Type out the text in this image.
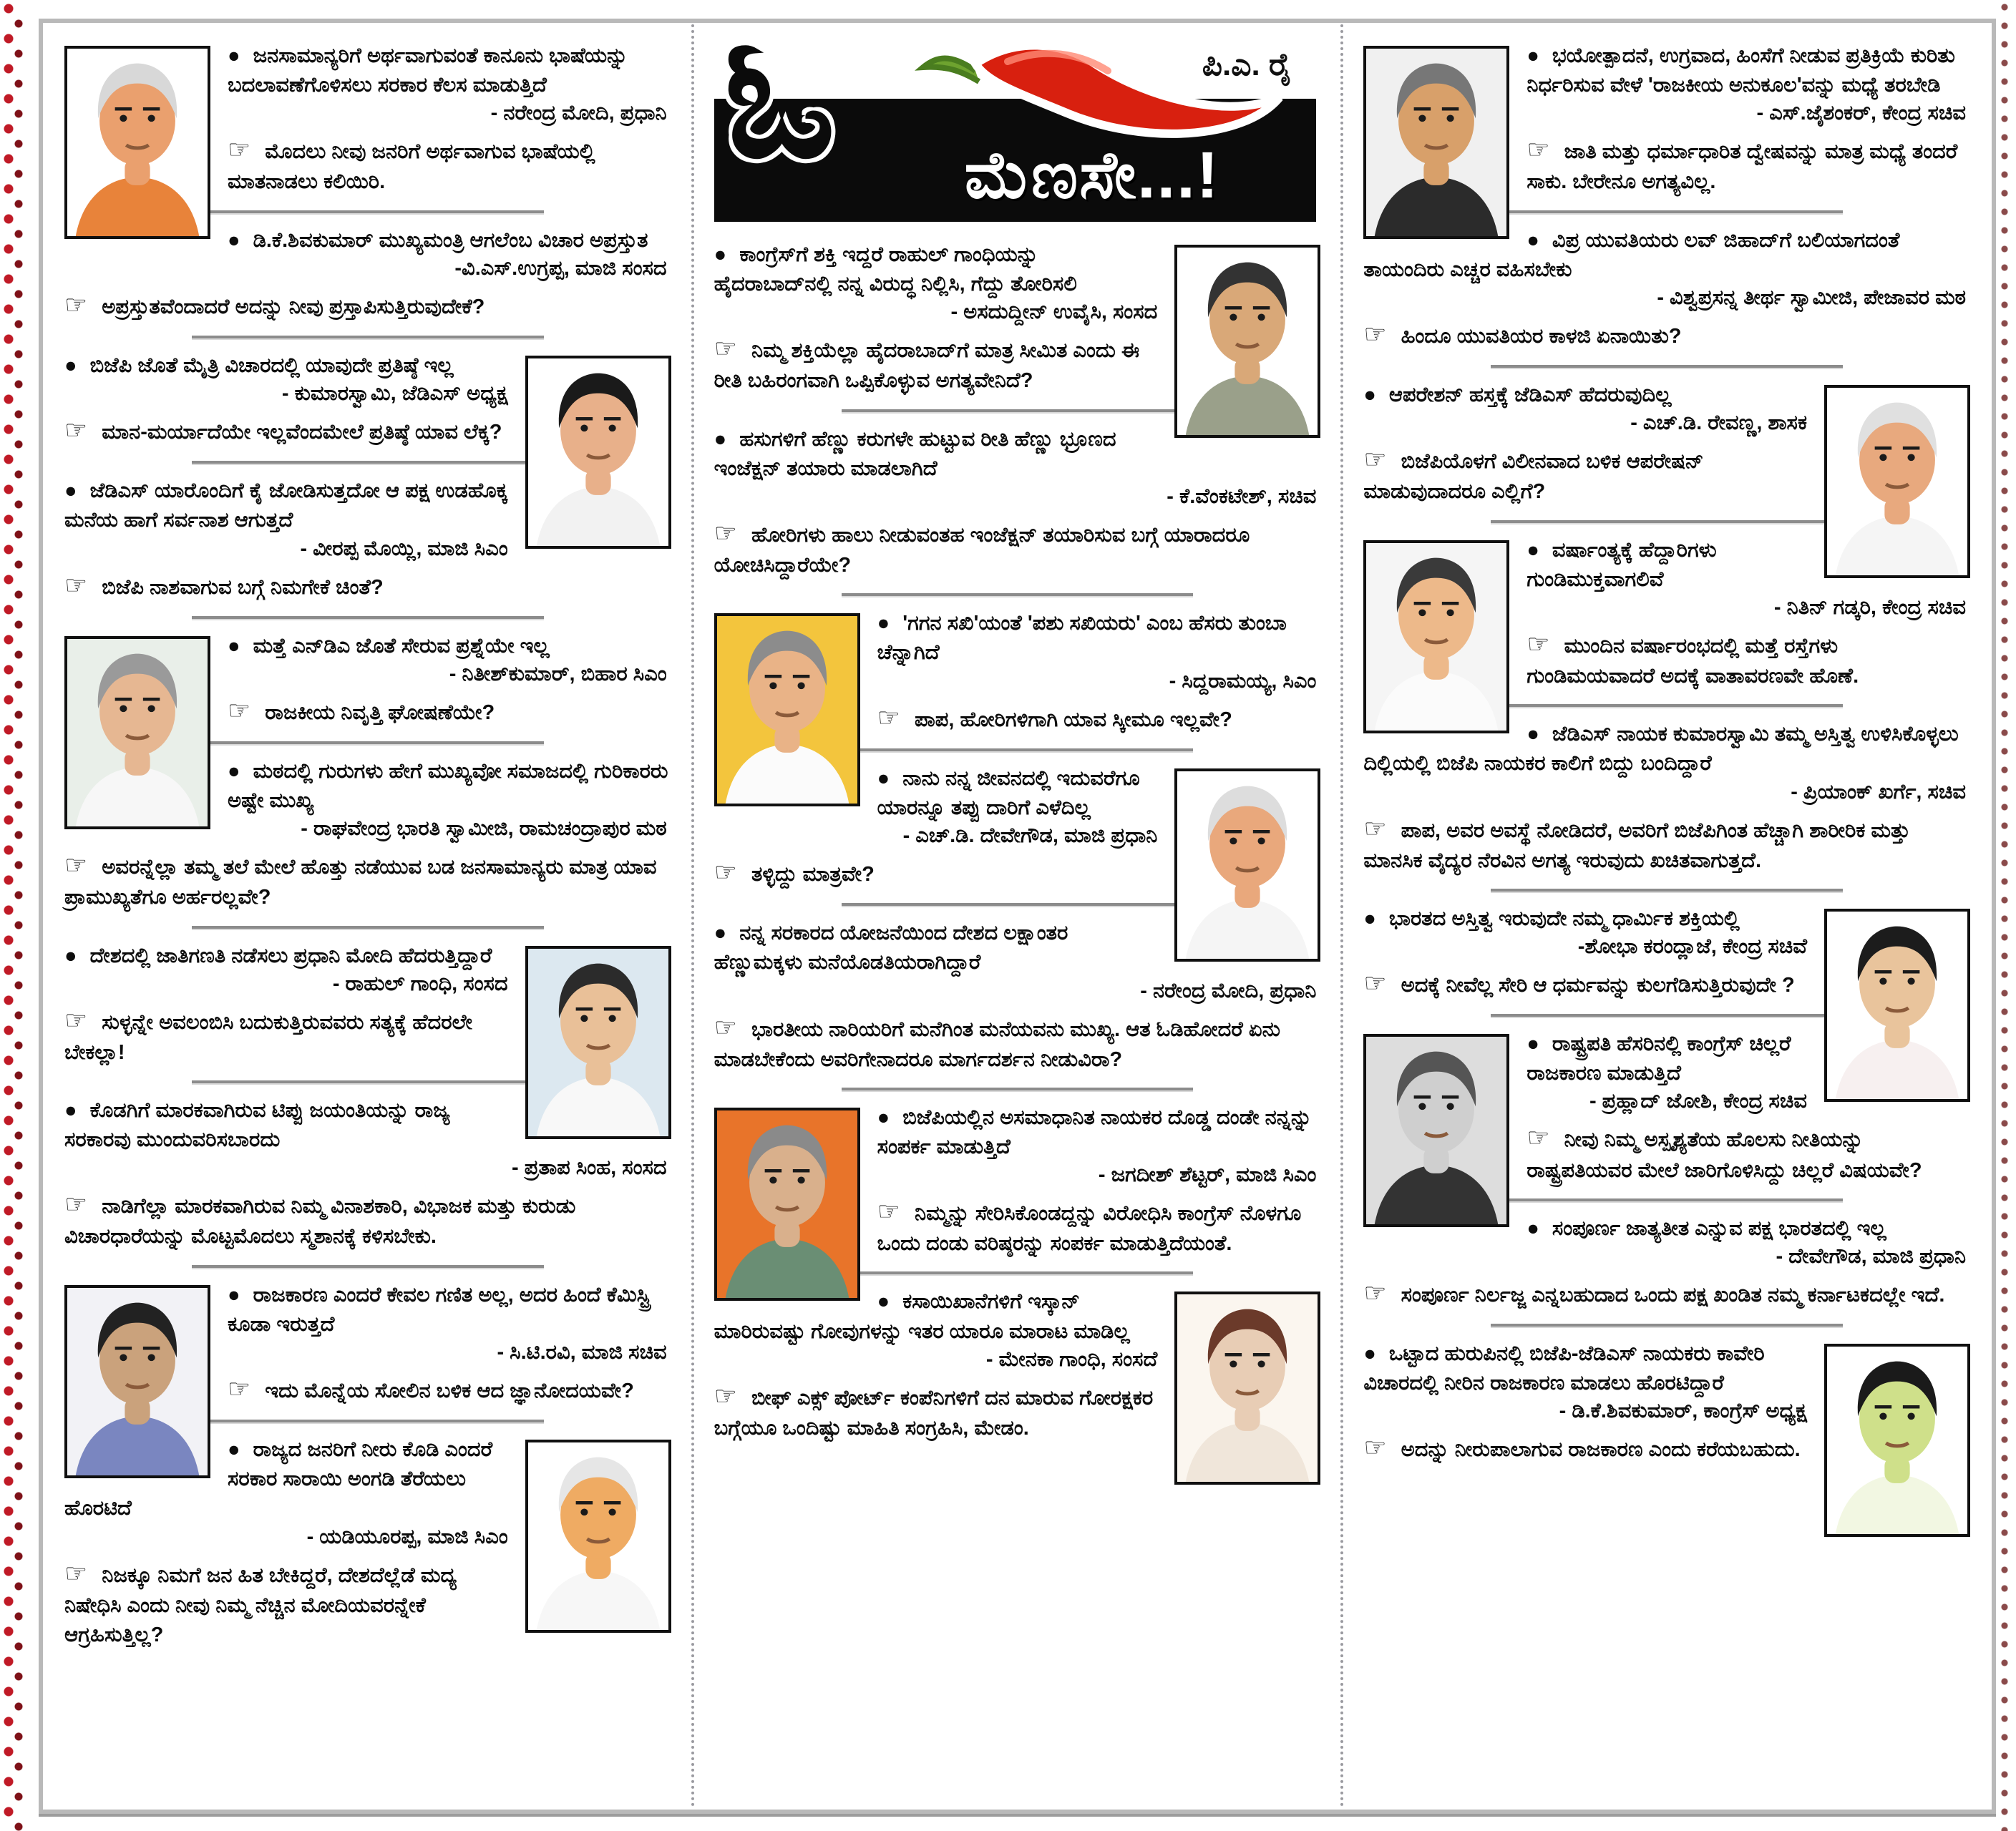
● ಜನಸಾಮಾನ್ಯರಿಗೆ ಅರ್ಥವಾಗುವಂತೆ ಕಾನೂನು ಭಾಷೆಯನ್ನು ಬದಲಾವಣೆಗೊಳಿಸಲು ಸರಕಾರ ಕೆಲಸ ಮಾಡುತ್ತಿದೆ

- ನರೇಂದ್ರ ಮೋದಿ, ಪ್ರಧಾನಿ

☞ ಮೊದಲು ನೀವು ಜನರಿಗೆ ಅರ್ಥವಾಗುವ ಭಾಷೆಯಲ್ಲಿ ಮಾತನಾಡಲು ಕಲಿಯಿರಿ.

● ಡಿ.ಕೆ.ಶಿವಕುಮಾರ್ ಮುಖ್ಯಮಂತ್ರಿ ಆಗಲೆಂಬ ವಿಚಾರ ಅಪ್ರಸ್ತುತ

-ವಿ.ಎಸ್.ಉಗ್ರಪ್ಪ, ಮಾಜಿ ಸಂಸದ

☞ ಅಪ್ರಸ್ತುತವೆಂದಾದರೆ ಅದನ್ನು ನೀವು ಪ್ರಸ್ತಾಪಿಸುತ್ತಿರುವುದೇಕೆ?

● ಬಿಜೆಪಿ ಜೊತೆ ಮೈತ್ರಿ ವಿಚಾರದಲ್ಲಿ ಯಾವುದೇ ಪ್ರತಿಷ್ಠೆ ಇಲ್ಲ

- ಕುಮಾರಸ್ವಾಮಿ, ಜೆಡಿಎಸ್ ಅಧ್ಯಕ್ಷ

☞ ಮಾನ-ಮರ್ಯಾದೆಯೇ ಇಲ್ಲವೆಂದಮೇಲೆ ಪ್ರತಿಷ್ಠೆ ಯಾವ ಲೆಕ್ಕ?

● ಜೆಡಿಎಸ್ ಯಾರೊಂದಿಗೆ ಕೈ ಜೋಡಿಸುತ್ತದೋ ಆ ಪಕ್ಷ ಉಡಹೊಕ್ಕ ಮನೆಯ ಹಾಗೆ ಸರ್ವನಾಶ ಆಗುತ್ತದೆ

- ವೀರಪ್ಪ ಮೊಯ್ಲಿ, ಮಾಜಿ ಸಿಎಂ

☞ ಬಿಜೆಪಿ ನಾಶವಾಗುವ ಬಗ್ಗೆ ನಿಮಗೇಕೆ ಚಿಂತೆ?

● ಮತ್ತೆ ಎನ್‌ಡಿಎ ಜೊತೆ ಸೇರುವ ಪ್ರಶ್ನೆಯೇ ಇಲ್ಲ

- ನಿತೀಶ್‌ಕುಮಾರ್, ಬಿಹಾರ ಸಿಎಂ

☞ ರಾಜಕೀಯ ನಿವೃತ್ತಿ ಘೋಷಣೆಯೇ?

● ಮಠದಲ್ಲಿ ಗುರುಗಳು ಹೇಗೆ ಮುಖ್ಯವೋ ಸಮಾಜದಲ್ಲಿ ಗುರಿಕಾರರು ಅಷ್ಟೇ ಮುಖ್ಯ

- ರಾಘವೇಂದ್ರ ಭಾರತಿ ಸ್ವಾಮೀಜಿ, ರಾಮಚಂದ್ರಾಪುರ ಮಠ

☞ ಅವರನ್ನೆಲ್ಲಾ ತಮ್ಮ ತಲೆ ಮೇಲೆ ಹೊತ್ತು ನಡೆಯುವ ಬಡ ಜನಸಾಮಾನ್ಯರು ಮಾತ್ರ ಯಾವ ಪ್ರಾಮುಖ್ಯತೆಗೂ ಅರ್ಹರಲ್ಲವೇ?

● ದೇಶದಲ್ಲಿ ಜಾತಿಗಣತಿ ನಡೆಸಲು ಪ್ರಧಾನಿ ಮೋದಿ ಹೆದರುತ್ತಿದ್ದಾರೆ

- ರಾಹುಲ್ ಗಾಂಧಿ, ಸಂಸದ

☞ ಸುಳ್ಳನ್ನೇ ಅವಲಂಬಿಸಿ ಬದುಕುತ್ತಿರುವವರು ಸತ್ಯಕ್ಕೆ ಹೆದರಲೇ ಬೇಕಲ್ಲಾ!

● ಕೊಡಗಿಗೆ ಮಾರಕವಾಗಿರುವ ಟಿಪ್ಪು ಜಯಂತಿಯನ್ನು ರಾಜ್ಯ ಸರಕಾರವು ಮುಂದುವರಿಸಬಾರದು

- ಪ್ರತಾಪ ಸಿಂಹ, ಸಂಸದ

☞ ನಾಡಿಗೆಲ್ಲಾ ಮಾರಕವಾಗಿರುವ ನಿಮ್ಮ ವಿನಾಶಕಾರಿ, ವಿಭಾಜಕ ಮತ್ತು ಕುರುಡು ವಿಚಾರಧಾರೆಯನ್ನು ಮೊಟ್ಟಮೊದಲು ಸ್ಮಶಾನಕ್ಕೆ ಕಳಿಸಬೇಕು.

● ರಾಜಕಾರಣ ಎಂದರೆ ಕೇವಲ ಗಣಿತ ಅಲ್ಲ, ಅದರ ಹಿಂದೆ ಕೆಮಿಸ್ಟ್ರಿ ಕೂಡಾ ಇರುತ್ತದೆ

- ಸಿ.ಟಿ.ರವಿ, ಮಾಜಿ ಸಚಿವ

☞ ಇದು ಮೊನ್ನೆಯ ಸೋಲಿನ ಬಳಿಕ ಆದ ಜ್ಞಾನೋದಯವೇ?

● ರಾಜ್ಯದ ಜನರಿಗೆ ನೀರು ಕೊಡಿ ಎಂದರೆ ಸರಕಾರ ಸಾರಾಯಿ ಅಂಗಡಿ ತೆರೆಯಲು ಹೊರಟಿದೆ

- ಯಡಿಯೂರಪ್ಪ, ಮಾಜಿ ಸಿಎಂ

☞ ನಿಜಕ್ಕೂ ನಿಮಗೆ ಜನ ಹಿತ ಬೇಕಿದ್ದರೆ, ದೇಶದೆಲ್ಲೆಡೆ ಮದ್ಯ ನಿಷೇಧಿಸಿ ಎಂದು ನೀವು ನಿಮ್ಮ ನೆಚ್ಚಿನ ಮೋದಿಯವರನ್ನೇಕೆ ಆಗ್ರಹಿಸುತ್ತಿಲ್ಲ?

ಪಿ.ಎ. ರೈ
ಓ ಮೆಣಸೇ...!

● ಕಾಂಗ್ರೆಸ್‌ಗೆ ಶಕ್ತಿ ಇದ್ದರೆ ರಾಹುಲ್ ಗಾಂಧಿಯನ್ನು ಹೈದರಾಬಾದ್‌ನಲ್ಲಿ ನನ್ನ ವಿರುದ್ಧ ನಿಲ್ಲಿಸಿ, ಗೆದ್ದು ತೋರಿಸಲಿ

- ಅಸದುದ್ದೀನ್ ಉವೈಸಿ, ಸಂಸದ

☞ ನಿಮ್ಮ ಶಕ್ತಿಯೆಲ್ಲಾ ಹೈದರಾಬಾದ್‌ಗೆ ಮಾತ್ರ ಸೀಮಿತ ಎಂದು ಈ ರೀತಿ ಬಹಿರಂಗವಾಗಿ ಒಪ್ಪಿಕೊಳ್ಳುವ ಅಗತ್ಯವೇನಿದೆ?

● ಹಸುಗಳಿಗೆ ಹೆಣ್ಣು ಕರುಗಳೇ ಹುಟ್ಟುವ ರೀತಿ ಹೆಣ್ಣು ಭ್ರೂಣದ ಇಂಜೆಕ್ಷನ್ ತಯಾರು ಮಾಡಲಾಗಿದೆ

- ಕೆ.ವೆಂಕಟೇಶ್, ಸಚಿವ

☞ ಹೋರಿಗಳು ಹಾಲು ನೀಡುವಂತಹ ಇಂಜೆಕ್ಷನ್ ತಯಾರಿಸುವ ಬಗ್ಗೆ ಯಾರಾದರೂ ಯೋಚಿಸಿದ್ದಾರೆಯೇ?

● 'ಗಗನ ಸಖಿ'ಯಂತೆ 'ಪಶು ಸಖಿಯರು' ಎಂಬ ಹೆಸರು ತುಂಬಾ ಚೆನ್ನಾಗಿದೆ

- ಸಿದ್ದರಾಮಯ್ಯ, ಸಿಎಂ

☞ ಪಾಪ, ಹೋರಿಗಳಿಗಾಗಿ ಯಾವ ಸ್ಕೀಮೂ ಇಲ್ಲವೇ?

● ನಾನು ನನ್ನ ಜೀವನದಲ್ಲಿ ಇದುವರೆಗೂ ಯಾರನ್ನೂ ತಪ್ಪು ದಾರಿಗೆ ಎಳೆದಿಲ್ಲ

- ಎಚ್.ಡಿ. ದೇವೇಗೌಡ, ಮಾಜಿ ಪ್ರಧಾನಿ

☞ ತಳ್ಳಿದ್ದು ಮಾತ್ರವೇ?

● ನನ್ನ ಸರಕಾರದ ಯೋಜನೆಯಿಂದ ದೇಶದ ಲಕ್ಷಾಂತರ ಹೆಣ್ಣುಮಕ್ಕಳು ಮನೆಯೊಡತಿಯರಾಗಿದ್ದಾರೆ

- ನರೇಂದ್ರ ಮೋದಿ, ಪ್ರಧಾನಿ

☞ ಭಾರತೀಯ ನಾರಿಯರಿಗೆ ಮನೆಗಿಂತ ಮನೆಯವನು ಮುಖ್ಯ. ಆತ ಓಡಿಹೋದರೆ ಏನು ಮಾಡಬೇಕೆಂದು ಅವರಿಗೇನಾದರೂ ಮಾರ್ಗದರ್ಶನ ನೀಡುವಿರಾ?

● ಬಿಜೆಪಿಯಲ್ಲಿನ ಅಸಮಾಧಾನಿತ ನಾಯಕರ ದೊಡ್ಡ ದಂಡೇ ನನ್ನನ್ನು ಸಂಪರ್ಕ ಮಾಡುತ್ತಿದೆ

- ಜಗದೀಶ್ ಶೆಟ್ಟರ್, ಮಾಜಿ ಸಿಎಂ

☞ ನಿಮ್ಮನ್ನು ಸೇರಿಸಿಕೊಂಡದ್ದನ್ನು ವಿರೋಧಿಸಿ ಕಾಂಗ್ರೆಸ್ ನೊಳಗೂ ಒಂದು ದಂಡು ವರಿಷ್ಠರನ್ನು ಸಂಪರ್ಕ ಮಾಡುತ್ತಿದೆಯಂತೆ.

● ಕಸಾಯಿಖಾನೆಗಳಿಗೆ ಇಸ್ಕಾನ್ ಮಾರಿರುವಷ್ಟು ಗೋವುಗಳನ್ನು ಇತರ ಯಾರೂ ಮಾರಾಟ ಮಾಡಿಲ್ಲ

- ಮೇನಕಾ ಗಾಂಧಿ, ಸಂಸದೆ

☞ ಬೀಫ್ ಎಕ್ಸ್ ಪೋರ್ಟ್ ಕಂಪೆನಿಗಳಿಗೆ ದನ ಮಾರುವ ಗೋರಕ್ಷಕರ ಬಗ್ಗೆಯೂ ಒಂದಿಷ್ಟು ಮಾಹಿತಿ ಸಂಗ್ರಹಿಸಿ, ಮೇಡಂ.

● ಭಯೋತ್ಪಾದನೆ, ಉಗ್ರವಾದ, ಹಿಂಸೆಗೆ ನೀಡುವ ಪ್ರತಿಕ್ರಿಯೆ ಕುರಿತು ನಿರ್ಧರಿಸುವ ವೇಳೆ 'ರಾಜಕೀಯ ಅನುಕೂಲ'ವನ್ನು ಮಧ್ಯೆ ತರಬೇಡಿ

- ಎಸ್.ಜೈಶಂಕರ್, ಕೇಂದ್ರ ಸಚಿವ

☞ ಜಾತಿ ಮತ್ತು ಧರ್ಮಾಧಾರಿತ ದ್ವೇಷವನ್ನು ಮಾತ್ರ ಮಧ್ಯೆ ತಂದರೆ ಸಾಕು. ಬೇರೇನೂ ಅಗತ್ಯವಿಲ್ಲ.

● ವಿಪ್ರ ಯುವತಿಯರು ಲವ್ ಜಿಹಾದ್‌ಗೆ ಬಲಿಯಾಗದಂತೆ ತಾಯಂದಿರು ಎಚ್ಚರ ವಹಿಸಬೇಕು

- ವಿಶ್ವಪ್ರಸನ್ನ ತೀರ್ಥ ಸ್ವಾಮೀಜಿ, ಪೇಜಾವರ ಮಠ

☞ ಹಿಂದೂ ಯುವತಿಯರ ಕಾಳಜಿ ಏನಾಯಿತು?

● ಆಪರೇಶನ್ ಹಸ್ತಕ್ಕೆ ಜೆಡಿಎಸ್ ಹೆದರುವುದಿಲ್ಲ

- ಎಚ್.ಡಿ. ರೇವಣ್ಣ, ಶಾಸಕ

☞ ಬಿಜೆಪಿಯೊಳಗೆ ವಿಲೀನವಾದ ಬಳಿಕ ಆಪರೇಷನ್ ಮಾಡುವುದಾದರೂ ಎಲ್ಲಿಗೆ?

● ವರ್ಷಾಂತ್ಯಕ್ಕೆ ಹೆದ್ದಾರಿಗಳು ಗುಂಡಿಮುಕ್ತವಾಗಲಿವೆ

- ನಿತಿನ್ ಗಡ್ಕರಿ, ಕೇಂದ್ರ ಸಚಿವ

☞ ಮುಂದಿನ ವರ್ಷಾರಂಭದಲ್ಲಿ ಮತ್ತೆ ರಸ್ತೆಗಳು ಗುಂಡಿಮಯವಾದರೆ ಅದಕ್ಕೆ ವಾತಾವರಣವೇ ಹೊಣೆ.

● ಜೆಡಿಎಸ್ ನಾಯಕ ಕುಮಾರಸ್ವಾಮಿ ತಮ್ಮ ಅಸ್ತಿತ್ವ ಉಳಿಸಿಕೊಳ್ಳಲು ದಿಲ್ಲಿಯಲ್ಲಿ ಬಿಜೆಪಿ ನಾಯಕರ ಕಾಲಿಗೆ ಬಿದ್ದು ಬಂದಿದ್ದಾರೆ

- ಪ್ರಿಯಾಂಕ್ ಖರ್ಗೆ, ಸಚಿವ

☞ ಪಾಪ, ಅವರ ಅವಸ್ಥೆ ನೋಡಿದರೆ, ಅವರಿಗೆ ಬಿಜೆಪಿಗಿಂತ ಹೆಚ್ಚಾಗಿ ಶಾರೀರಿಕ ಮತ್ತು ಮಾನಸಿಕ ವೈದ್ಯರ ನೆರವಿನ ಅಗತ್ಯ ಇರುವುದು ಖಚಿತವಾಗುತ್ತದೆ.

● ಭಾರತದ ಅಸ್ತಿತ್ವ ಇರುವುದೇ ನಮ್ಮ ಧಾರ್ಮಿಕ ಶಕ್ತಿಯಲ್ಲಿ

-ಶೋಭಾ ಕರಂದ್ಲಾಜೆ, ಕೇಂದ್ರ ಸಚಿವೆ

☞ ಅದಕ್ಕೆ ನೀವೆಲ್ಲ ಸೇರಿ ಆ ಧರ್ಮವನ್ನು ಕುಲಗೆಡಿಸುತ್ತಿರುವುದೇ ?

● ರಾಷ್ಟ್ರಪತಿ ಹೆಸರಿನಲ್ಲಿ ಕಾಂಗ್ರೆಸ್ ಚಿಲ್ಲರೆ ರಾಜಕಾರಣ ಮಾಡುತ್ತಿದೆ

- ಪ್ರಹ್ಲಾದ್ ಜೋಶಿ, ಕೇಂದ್ರ ಸಚಿವ

☞ ನೀವು ನಿಮ್ಮ ಅಸ್ಪೃಶ್ಯತೆಯ ಹೊಲಸು ನೀತಿಯನ್ನು ರಾಷ್ಟ್ರಪತಿಯವರ ಮೇಲೆ ಜಾರಿಗೊಳಿಸಿದ್ದು ಚಿಲ್ಲರೆ ವಿಷಯವೇ?

● ಸಂಪೂರ್ಣ ಜಾತ್ಯತೀತ ಎನ್ನುವ ಪಕ್ಷ ಭಾರತದಲ್ಲಿ ಇಲ್ಲ

- ದೇವೇಗೌಡ, ಮಾಜಿ ಪ್ರಧಾನಿ

☞ ಸಂಪೂರ್ಣ ನಿರ್ಲಜ್ಜ ಎನ್ನಬಹುದಾದ ಒಂದು ಪಕ್ಷ ಖಂಡಿತ ನಮ್ಮ ಕರ್ನಾಟಕದಲ್ಲೇ ಇದೆ.

● ಒಟ್ಟಾದ ಹುರುಪಿನಲ್ಲಿ ಬಿಜೆಪಿ-ಜೆಡಿಎಸ್ ನಾಯಕರು ಕಾವೇರಿ ವಿಚಾರದಲ್ಲಿ ನೀರಿನ ರಾಜಕಾರಣ ಮಾಡಲು ಹೊರಟಿದ್ದಾರೆ

- ಡಿ.ಕೆ.ಶಿವಕುಮಾರ್, ಕಾಂಗ್ರೆಸ್ ಅಧ್ಯಕ್ಷ

☞ ಅದನ್ನು ನೀರುಪಾಲಾಗುವ ರಾಜಕಾರಣ ಎಂದು ಕರೆಯಬಹುದು.
